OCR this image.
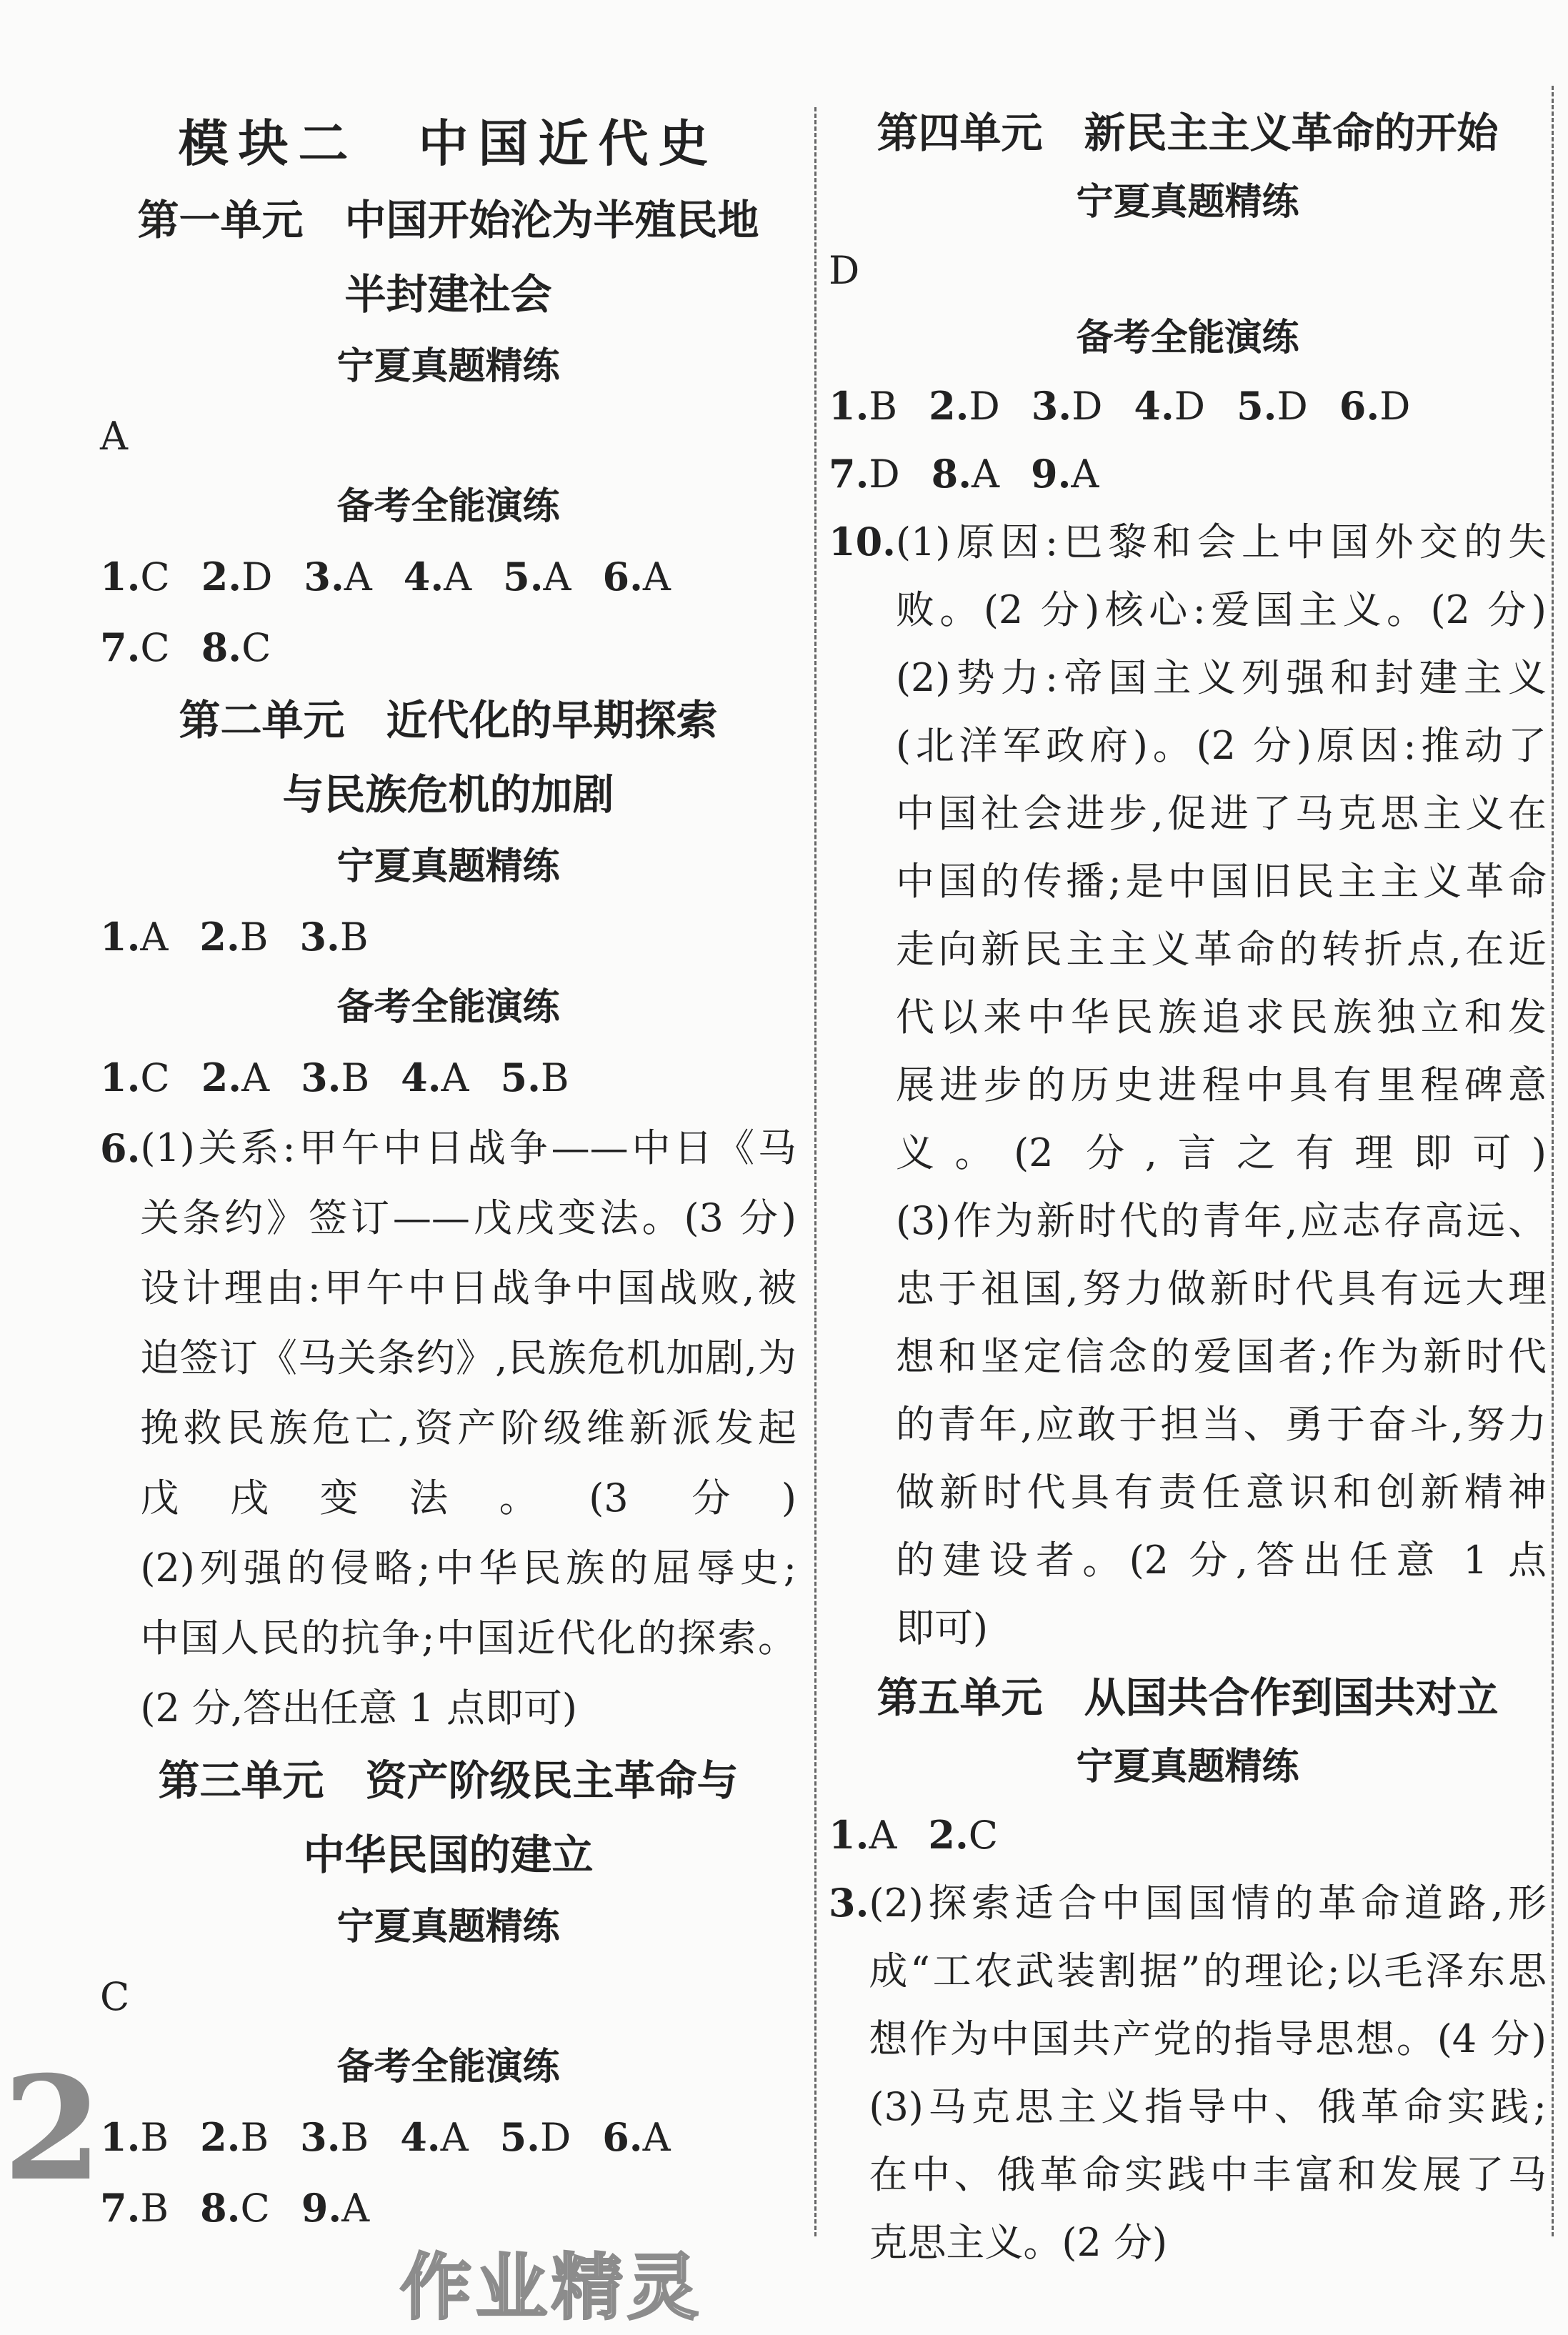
2
作业精灵
模块二　中国近代史
第一单元　中国开始沦为半殖民地
半封建社会
宁夏真题精练
A
备考全能演练
1.C 2.D 3.A 4.A 5.A 6.A
7.C 8.C
第二单元　近代化的早期探索
与民族危机的加剧
宁夏真题精练
1.A 2.B 3.B
备考全能演练
1.C 2.A 3.B 4.A 5.B
6. (1)关系:甲午中日战争——中日《马
关条约》签订——戊戌变法。(3 分)
设计理由:甲午中日战争中国战败,被
迫签订《马关条约》,民族危机加剧,为
挽救民族危亡,资产阶级维新派发起
戊戌变法。(3 分)
(2)列强的侵略;中华民族的屈辱史;
中国人民的抗争;中国近代化的探索。
(2 分,答出任意 1 点即可)
第三单元　资产阶级民主革命与
中华民国的建立
宁夏真题精练
C
备考全能演练
1.B 2.B 3.B 4.A 5.D 6.A
7.B 8.C 9.A
第四单元　新民主主义革命的开始
宁夏真题精练
D
备考全能演练
1.B 2.D 3.D 4.D 5.D 6.D
7.D 8.A 9.A
10. (1)原因:巴黎和会上中国外交的失
败。(2 分)核心:爱国主义。(2 分)
(2)势力:帝国主义列强和封建主义
(北洋军政府)。(2 分)原因:推动了
中国社会进步,促进了马克思主义在
中国的传播;是中国旧民主主义革命
走向新民主主义革命的转折点,在近
代以来中华民族追求民族独立和发
展进步的历史进程中具有里程碑意
义。(2 分,言之有理即可)
(3)作为新时代的青年,应志存高远、
忠于祖国,努力做新时代具有远大理
想和坚定信念的爱国者;作为新时代
的青年,应敢于担当、勇于奋斗,努力
做新时代具有责任意识和创新精神
的建设者。(2 分,答出任意 1 点
即可)
第五单元　从国共合作到国共对立
宁夏真题精练
1.A 2.C
3. (2)探索适合中国国情的革命道路,形
成“工农武装割据”的理论;以毛泽东思
想作为中国共产党的指导思想。(4 分)
(3)马克思主义指导中、俄革命实践;
在中、俄革命实践中丰富和发展了马
克思主义。(2 分)
